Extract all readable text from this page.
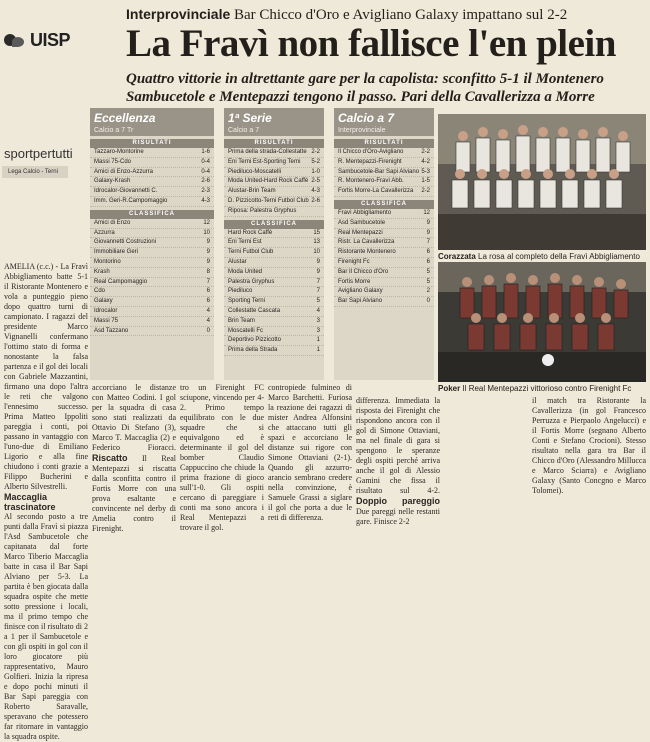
UISP
sportpertutti
Lega Calcio - Terni
Interprovinciale Bar Chicco d'Oro e Avigliano Galaxy impattano sul 2-2
La Fravì non fallisce l'en plein
Quattro vittorie in altrettante gare per la capolista: sconfitto 5-1 il Montenero Sambucetole e Mentepazzi tengono il passo. Pari della Cavallerizza a Morre
Eccellenza
Calcio a 7 Tr
RISULTATI
Tazzaro-Montorine	1-6
Massi 75-Cdo	0-4
Amici di Enzo-Azzurra	0-4
Galaxy-Krash	2-6
Idrocalor-Giovannetti C.	2-3
Imm. Geri-R.Campomaggio	4-3
CLASSIFICA
Amici di Enzo	12
Azzurra	10
Giovannetti Costruzioni	9
Immobiliare Geri	9
Montorino	9
Krash	8
Real Campomaggio	7
Cdo	6
Galaxy	6
Idrocalor	4
Massi 75	4
Asd Tazzano	0
1ª Serie
Calcio a 7
RISULTATI
Prima della strada-Collestatte 2-2
Eni Terni Est-Sporting Terni 5-2
Piediluco-Moscatelli	1-0
Moda United-Hard Rock Caffè 2-5
Alustar-Brin Team	4-3
D. Pizzicotto-Terni Futbol Club 2-6
Riposa: Palestra Gryphus
CLASSIFICA
Hard Rock Caffè	15
Eni Terni Est	13
Terni Futbol Club	10
Alustar	9
Moda United	9
Palestra Gryphus	7
Piediluco	7
Sporting Terni	5
Collestatte Cascata	4
Brin Team	3
Moscatelli Fc	3
Deportivo Pizzicotto	1
Prima della Strada	1
Calcio a 7
Interprovinciale
RISULTATI
Il Chicco d'Oro-Avigliano	2-2
R. Mentepazzi-Firenight	4-2
Sambucetole-Bar Sapi Alviano 5-3
R. Montenero-Fravì Abb.	1-5
Fortis Morre-La Cavallerizza 2-2
CLASSIFICA
Fravì Abbigliamento	12
Asd Sambucetole	9
Real Mentepazzi	9
Ristr. La Cavallerizza	7
Ristorante Montenero	6
Firenight Fc	6
Bar Il Chicco d'Oro	5
Fortis Morre	5
Avigliano Galaxy	2
Bar Sapi Alviano	0
Corazzata La rosa al completo della Fravì Abbigliamento
Poker Il Real Mentepazzi vittorioso contro Firenight Fc
AMELIA (c.c.) - La Fravì Abbigliamento batte 5-1 il Ristorante Montenero e vola a punteggio pieno dopo quattro turni di campionato. I ragazzi del presidente Marco Vignanelli confermano l'ottimo stato di forma e nonostante la falsa partenza e il gol dei locali con Gabriele Mazzantini, firmano una dopo l'altra le reti che valgono l'ennesimo successo. Prima Matteo Ippoliti pareggia i conti, poi passano in vantaggio con l'uno-due di Emiliano Ligorio e alla fine chiudono i conti grazie a Filippo Bucherini e Alberto Silvestrelli.
Maccaglia trascinatore
Al secondo posto a tre punti dalla Fravì si piazza l'Asd Sambucetole che capitanata dal forte Marco Tiberio Maccaglia batte in casa il Bar Sapi Alviano per 5-3. La partita è ben giocata dalla squadra ospite che mette sotto pressione i locali, ma il primo tempo che finisce con il risultato di 2 a 1 per il Sambucetole e con gli ospiti in gol con il loro giocatore più rappresentativo, Mauro Golfieri. Inizia la ripresa e dopo pochi minuti il Bar Sapi pareggia con Roberto Saravalle, speravano che potessero far ritornare in vantaggio la squadra ospite.
accorciano le distanze con Matteo Codini. I gol per la squadra di casa sono stati realizzati da Ottavio Di Stefano (3), Marco T. Maccaglia (2) e Federico Fioracci. Riscatto Il Real Mentepazzi si riscatta dalla sconfitta contro il Fortis Morre con una prova esaltante e convincente nel derby di Amelia contro il Firenight.
tro un Firenight FC sciupone, vincendo per 4-2. Primo tempo equilibrato con le due squadre che si equivalgono ed è determinante il gol del bomber Claudio Cappuccino che chiude la prima frazione di gioco sull'1-0. Gli ospiti cercano di pareggiare i conti ma sono ancora i Real Mentepazzi a trovare il gol.
contropiede fulmineo di Marco Barchetti. Furiosa la reazione dei ragazzi di mister Andrea Alfonsini che attaccano tutti gli spazi e accorciano le distanze sui rigore con Simone Ottaviani (2-1). Quando gli azzurro-arancio sembrano credere nella convinzione, è Samuele Grassi a siglare il gol che porta a due le reti di differenza.
differenza. Immediata la risposta dei Firenight che rispondono ancora con il gol di Simone Ottaviani, ma nel finale di gara si spengono le speranze degli ospiti perché arriva anche il gol di Alessio Gamini che fissa il risultato sul 4-2. Doppio pareggio Due pareggi nelle restanti gare. Finisce 2-2
il match tra Ristorante la Cavallerizza (in gol Francesco Perruzza e Pierpaolo Angelucci) e il Fortis Morre (segnano Alberto Conti e Stefano Crocioni). Stesso risultato nella gara tra Bar il Chicco d'Oro (Alessandro Millucca e Marco Sciarra) e Avigliano Galaxy (Santo Concgno e Marco Tolomei).
